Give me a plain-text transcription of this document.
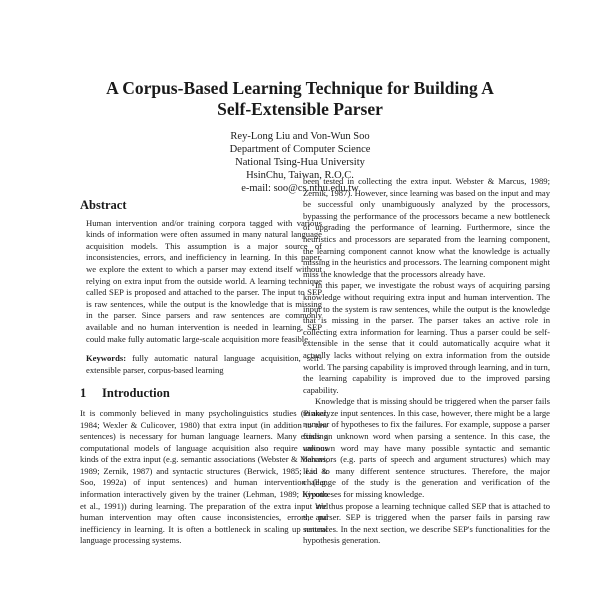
A Corpus-Based Learning Technique for Building A
Self-Extensible Parser
Rey-Long Liu and Von-Wun Soo
Department of Computer Science
National Tsing-Hua University
HsinChu, Taiwan, R.O.C.
e-mail: soo@cs.nthu.edu.tw
Abstract

Human intervention and/or training corpora tagged with various kinds of information were often assumed in many natural language acquisition models. This assumption is a major source of inconsistencies, errors, and inefficiency in learning. In this paper, we explore the extent to which a parser may extend itself without relying on extra input from the outside world. A learning technique called SEP is proposed and attached to the parser. The input to SEP is raw sentences, while the output is the knowledge that is missing in the parser. Since parsers and raw sentences are commonly available and no human intervention is needed in learning, SEP could make fully automatic large-scale acquisition more feasible.

Keywords: fully automatic natural language acquisition, self-extensible parser, corpus-based learning
1 Introduction

It is commonly believed in many psycholinguistics studies (Pinker, 1984; Wexler & Culicover, 1980) that extra input (in addition to raw sentences) is necessary for human language learners. Many existing computational models of language acquisition also require various kinds of the extra input (e.g. semantic associations (Webster & Marcus, 1989; Zernik, 1987) and syntactic structures (Berwick, 1985; Liu & Soo, 1992a) of input sentences) and human intervention (e.g. information interactively given by the trainer (Lehman, 1989; Kiyono et al., 1991)) during learning. The preparation of the extra input and human intervention may often cause inconsistencies, errors, and inefficiency in learning. It is often a bottleneck in scaling up natural language processing systems.

been tested in collecting the extra input. Webster & Marcus, 1989; Zernik, 1987). However, since learning was based on the input and may be successful only unambiguously analyzed by the processors, bypassing the performance of the processors became a new bottleneck of upgrading the performance of learning. Furthermore, since the heuristics and processors are separated from the learning component, the learning component cannot know what the knowledge is actually missing in the heuristics and processors. The learning component might miss the knowledge that the processors already have.

In this paper, we investigate the robust ways of acquiring parsing knowledge without requiring extra input and human intervention. The input to the system is raw sentences, while the output is the knowledge that is missing in the parser. The parser takes an active role in collecting extra information for learning. Thus a parser could be self-extensible in the sense that it could automatically acquire what it actually lacks without relying on extra information from the outside world. The parsing capability is improved through learning, and in turn, the learning capability is improved due to the improved parsing capability.

Knowledge that is missing should be triggered when the parser fails to analyze input sentences. In this case, however, there might be a large number of hypotheses to fix the failures. For example, suppose a parser finds an unknown word when parsing a sentence. In this case, the unknown word may have many possible syntactic and semantic behaviors (e.g. parts of speech and argument structures) which may lead to many different sentence structures. Therefore, the major challenge of the study is the generation and verification of the hypotheses for missing knowledge.

We thus propose a learning technique called SEP that is attached to the parser. SEP is triggered when the parser fails in parsing raw sentences. In the next section, we describe SEP's functionalities for the hypothesis generation.
